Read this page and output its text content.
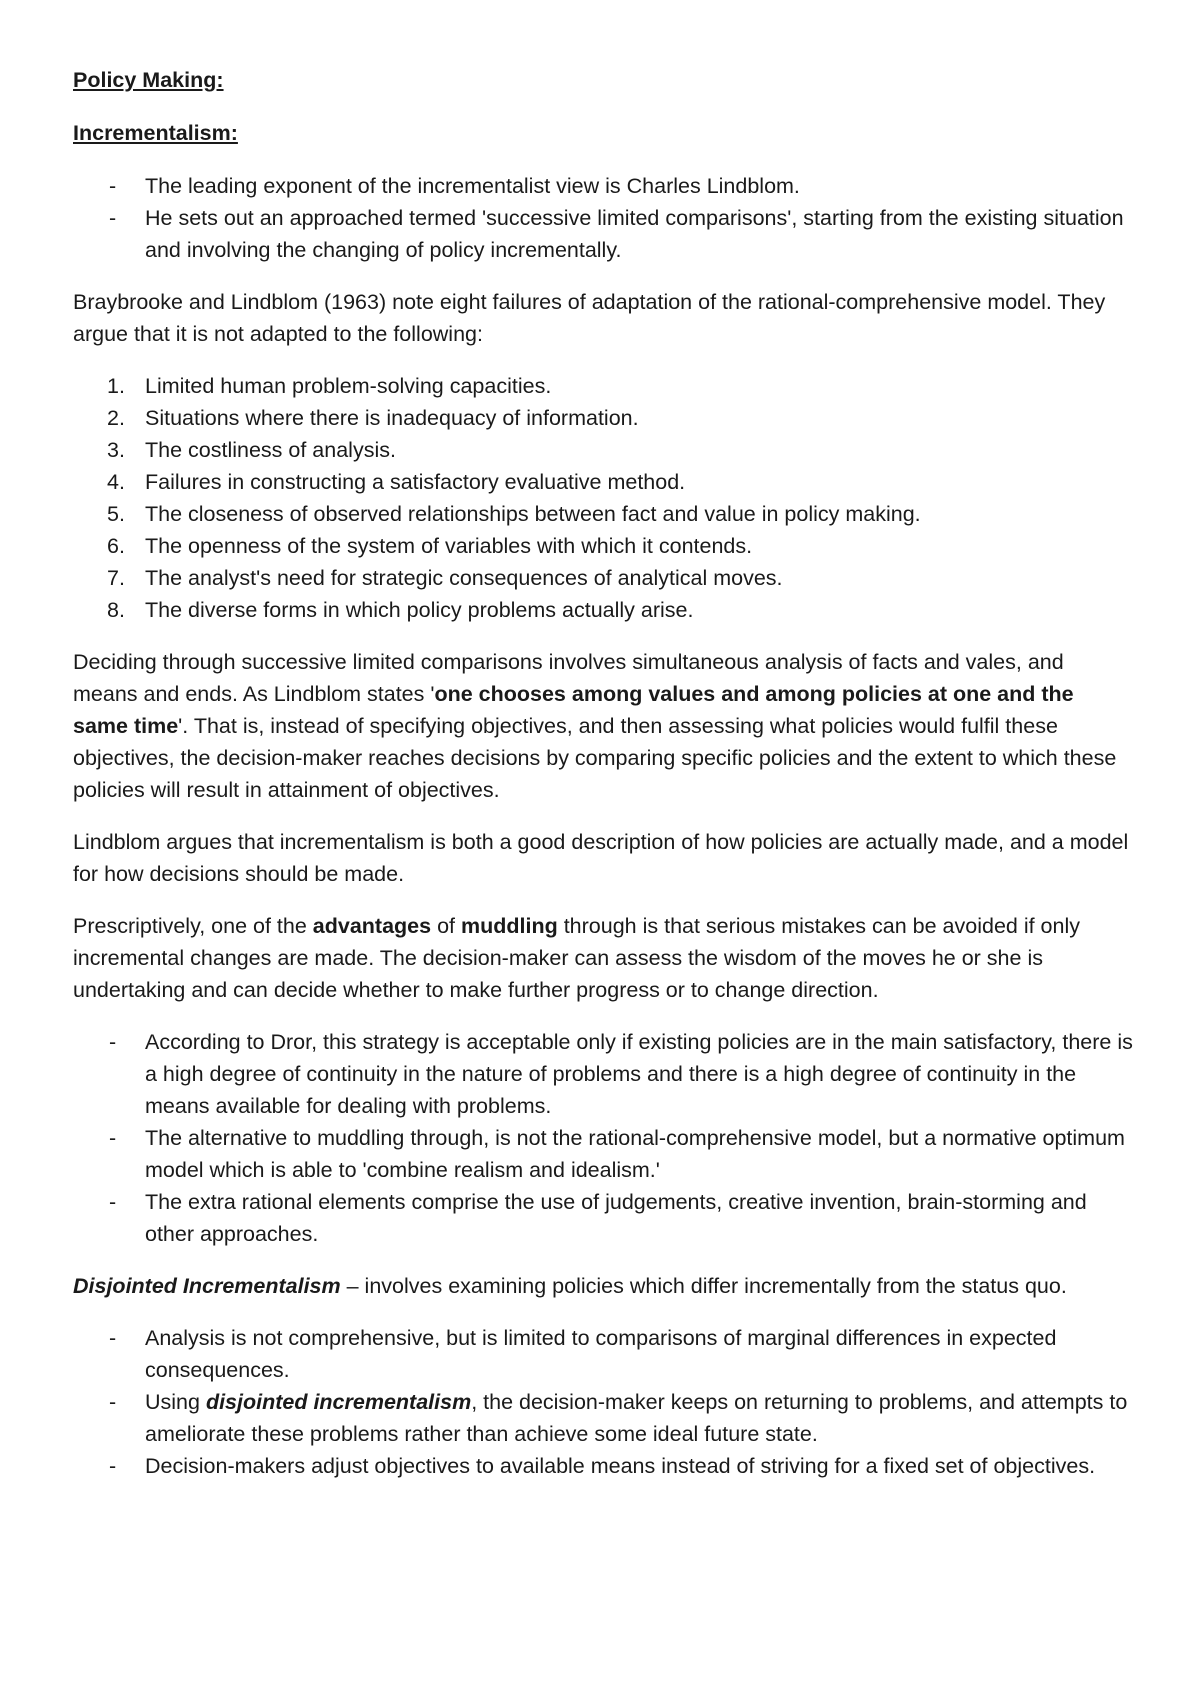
Policy Making:
Incrementalism:
- The leading exponent of the incrementalist view is Charles Lindblom.
- He sets out an approached termed 'successive limited comparisons', starting from the existing situation and involving the changing of policy incrementally.

Braybrooke and Lindblom (1963) note eight failures of adaptation of the rational-comprehensive model. They argue that it is not adapted to the following:

1. Limited human problem-solving capacities.
2. Situations where there is inadequacy of information.
3. The costliness of analysis.
4. Failures in constructing a satisfactory evaluative method.
5. The closeness of observed relationships between fact and value in policy making.
6. The openness of the system of variables with which it contends.
7. The analyst's need for strategic consequences of analytical moves.
8. The diverse forms in which policy problems actually arise.

Deciding through successive limited comparisons involves simultaneous analysis of facts and vales, and means and ends. As Lindblom states 'one chooses among values and among policies at one and the same time'. That is, instead of specifying objectives, and then assessing what policies would fulfil these objectives, the decision-maker reaches decisions by comparing specific policies and the extent to which these policies will result in attainment of objectives.

Lindblom argues that incrementalism is both a good description of how policies are actually made, and a model for how decisions should be made.

Prescriptively, one of the advantages of muddling through is that serious mistakes can be avoided if only incremental changes are made. The decision-maker can assess the wisdom of the moves he or she is undertaking and can decide whether to make further progress or to change direction.

- According to Dror, this strategy is acceptable only if existing policies are in the main satisfactory, there is a high degree of continuity in the nature of problems and there is a high degree of continuity in the means available for dealing with problems.
- The alternative to muddling through, is not the rational-comprehensive model, but a normative optimum model which is able to 'combine realism and idealism.'
- The extra rational elements comprise the use of judgements, creative invention, brain-storming and other approaches.

Disjointed Incrementalism – involves examining policies which differ incrementally from the status quo.

- Analysis is not comprehensive, but is limited to comparisons of marginal differences in expected consequences.
- Using disjointed incrementalism, the decision-maker keeps on returning to problems, and attempts to ameliorate these problems rather than achieve some ideal future state.
- Decision-makers adjust objectives to available means instead of striving for a fixed set of objectives.
